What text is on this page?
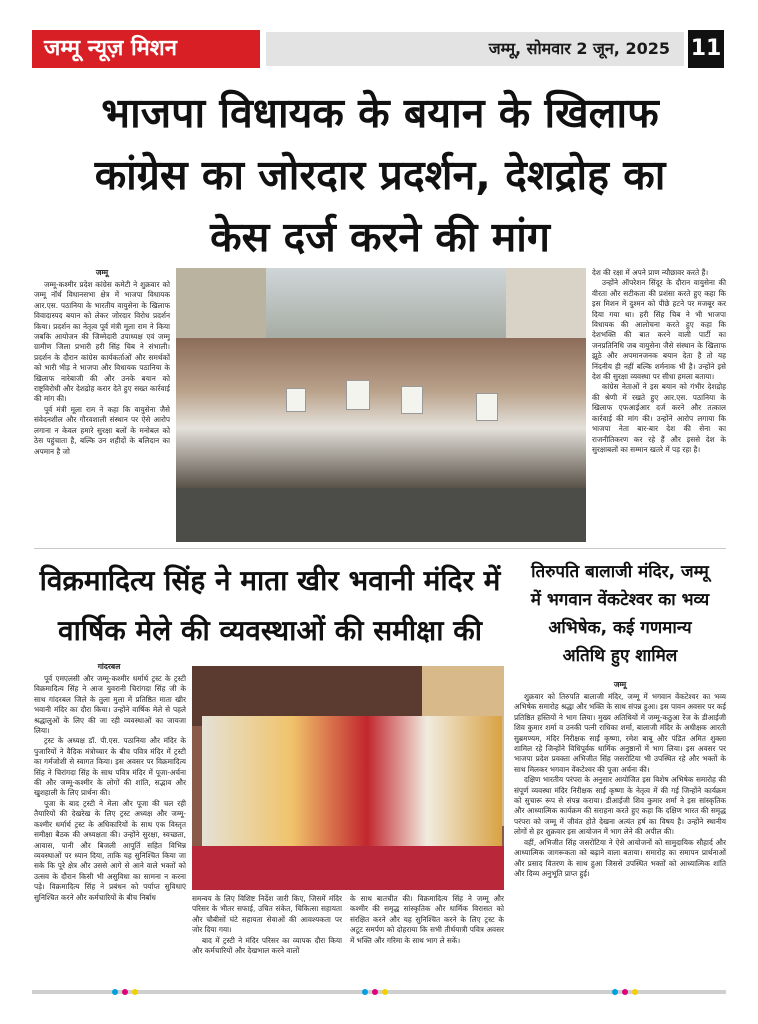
जम्मू न्यूज़ मिशन	जम्मू, सोमवार 2 जून, 2025 11
भाजपा विधायक के बयान के खिलाफ
कांग्रेस का जोरदार प्रदर्शन, देशद्रोह का
केस दर्ज करने की मांग
जम्मू
जम्मू-कश्मीर प्रदेश कांग्रेस कमेटी ने शुक्रवार को जम्मू नॉर्थ विधानसभा क्षेत्र में भाजपा विधायक आर.एस. पठानिया के भारतीय वायुसेना के खिलाफ विवादास्पद बयान को लेकर जोरदार विरोध प्रदर्शन किया। प्रदर्शन का नेतृत्व पूर्व मंत्री मूला राम ने किया जबकि आयोजन की जिम्मेदारी उपाध्यक्ष एवं जम्मू ग्रामीण जिला प्रभारी हरी सिंह चिब ने संभाली। प्रदर्शन के दौरान कांग्रेस कार्यकर्ताओं और समर्थकों को भारी भीड़ ने भाजपा और विधायक पठानिया के खिलाफ नारेबाजी की और उनके बयान को राष्ट्रविरोधी और देशद्रोह करार देते हुए सख्त कार्रवाई की मांग की।
पूर्व मंत्री मूला राम ने कहा कि वायुसेना जैसे संवेदनशील और गौरवशाली संस्थान पर ऐसे आरोप लगाना न केवल हमारे सुरक्षा बलों के मनोबल को ठेस पहुंचाता है, बल्कि उन शहीदों के बलिदान का अपमान है जो
देश की रक्षा में अपने प्राण न्यौछावर करते हैं।
उन्होंने ऑपरेशन सिंदूर के दौरान वायुसेना की वीरता और सटीकता की प्रशंसा करते हुए कहा कि इस मिशन में दुश्मन को पीछे हटने पर मजबूर कर दिया गया था। हरी सिंह चिब ने भी भाजपा विधायक की आलोचना करते हुए कहा कि देशभक्ति की बात करने वाली पार्टी का जनप्रतिनिधि जब वायुसेना जैसे संस्थान के खिलाफ झूठे और अपमानजनक बयान देता है तो यह निंदनीय ही नहीं बल्कि शर्मनाक भी है। उन्होंने इसे देश की सुरक्षा व्यवस्था पर सीधा हमला बताया।
कांग्रेस नेताओं ने इस बयान को गंभीर देशद्रोह की श्रेणी में रखते हुए आर.एस. पठानिया के खिलाफ एफआईआर दर्ज करने और तत्काल कार्रवाई की मांग की। उन्होंने आरोप लगाया कि भाजपा नेता बार-बार देश की सेना का राजनीतिकरण कर रहे हैं और इससे देश के सुरक्षाबलों का सम्मान खतरे में पड़ रहा है।
विक्रमादित्य सिंह ने माता खीर भवानी मंदिर में
वार्षिक मेले की व्यवस्थाओं की समीक्षा की
गांदरबल
तिरुपति बालाजी मंदिर, जम्मू
में भगवान वेंकटेश्वर का भव्य
अभिषेक, कई गणमान्य
अतिथि हुए शामिल
पूर्व एमएलसी और जम्मू-कश्मीर धर्मार्थ ट्रस्ट के ट्रस्टी विक्रमादित्य सिंह ने आज युवरानी चिरांगदा सिंह जी के साथ गांदरबल जिले के तुला मुला में प्रतिष्ठित माता खीर भवानी मंदिर का दौरा किया। उन्होंने वार्षिक मेले से पहले श्रद्धालुओं के लिए की जा रही व्यवस्थाओं का जायजा लिया।
ट्रस्ट के अध्यक्ष डॉ. पी.एस. पठानिया और मंदिर के पुजारियों ने वैदिक मंत्रोच्चार के बीच पवित्र मंदिर में ट्रस्टी का गर्मजोशी से स्वागत किया। इस अवसर पर विक्रमादित्य सिंह ने चिरांगदा सिंह के साथ पवित्र मंदिर में पूजा-अर्चना की और जम्मू-कश्मीर के लोगों की शांति, सद्भाव और खुशहाली के लिए प्रार्थना की।
पूजा के बाद ट्रस्टी ने मेला और पूजा की चल रही तैयारियों की देखरेख के लिए ट्रस्ट अध्यक्ष और जम्मू-कश्मीर धर्मार्थ ट्रस्ट के अधिकारियों के साथ एक विस्तृत समीक्षा बैठक की अध्यक्षता की। उन्होंने सुरक्षा, स्वच्छता, आवास, पानी और बिजली आपूर्ति सहित विभिन्न व्यवस्थाओं पर ध्यान दिया, ताकि यह सुनिश्चित किया जा सके कि पूरे क्षेत्र और उससे आगे से आने वाले भक्तों को उत्सव के दौरान किसी भी असुविधा का सामना न करना पड़े। विक्रमादित्य सिंह ने प्रबंधन को पर्याप्त सुविधाएं सुनिश्चित करने और कर्मचारियों के बीच निर्बाध	समन्वय के लिए विशिष्ट निर्देश जारी किए, जिसमें मंदिर परिसर के भीतर सफाई, उचित संकेत, चिकित्सा सहायता और चौबीसों घंटे सहायता सेवाओं की आवश्यकता पर जोर दिया गया।
बाद में ट्रस्टी ने मंदिर परिसर का व्यापक दौरा किया और कर्मचारियों और देखभाल करने वालों
के साथ बातचीत की। विक्रमादित्य सिंह ने जम्मू और कश्मीर की समृद्ध सांस्कृतिक और धार्मिक विरासत को संरक्षित करने और यह सुनिश्चित करने के लिए ट्रस्ट के अटूट समर्पण को दोहराया कि सभी तीर्थयात्री पवित्र अवसर में भक्ति और गरिमा के साथ भाग ले सकें।
जम्मू
शुक्रवार को तिरुपति बालाजी मंदिर, जम्मू में भगवान वेंकटेश्वर का भव्य अभिषेक समारोह श्रद्धा और भक्ति के साथ संपन्न हुआ। इस पावन अवसर पर कई प्रतिष्ठित हस्तियों ने भाग लिया। मुख्य अतिथियों में जम्मू-कठुआ रेंज के डीआईजी शिव कुमार शर्मा व उनकी पत्नी राधिका शर्मा, बालाजी मंदिर के अधीक्षक आरती सुब्रमण्यम, मंदिर निरीक्षक साईं कृष्णा, रमेश बाबू और पंडित अमित शुक्ला शामिल रहे जिन्होंने विधिपूर्वक धार्मिक अनुष्ठानों में भाग लिया। इस अवसर पर भाजपा प्रदेश प्रवक्ता अभिजीत सिंह जसरोटिया भी उपस्थित रहे और भक्तों के साथ मिलकर भगवान वेंकटेश्वर की पूजा अर्चना की।
दक्षिण भारतीय परंपरा के अनुसार आयोजित इस विशेष अभिषेक समारोह की संपूर्ण व्यवस्था मंदिर निरीक्षक साईं कृष्णा के नेतृत्व में की गई जिन्होंने कार्यक्रम को सुचारू रूप से संपन्न कराया। डीआईजी शिव कुमार शर्मा ने इस सांस्कृतिक और आध्यात्मिक कार्यक्रम की सराहना करते हुए कहा कि दक्षिण भारत की समृद्ध परंपरा को जम्मू में जीवंत होते देखना अत्यंत हर्ष का विषय है। उन्होंने स्थानीय लोगों से हर शुक्रवार इस आयोजन में भाग लेने की अपील की।
वहीं, अभिजीत सिंह जसरोटिया ने ऐसे आयोजनों को सामुदायिक सौहार्द और आध्यात्मिक जागरूकता को बढ़ाने वाला बताया। समारोह का समापन प्रार्थनाओं और प्रसाद वितरण के साथ हुआ जिससे उपस्थित भक्तों को आध्यात्मिक शांति और दिव्य अनुभूति प्राप्त हुई।
